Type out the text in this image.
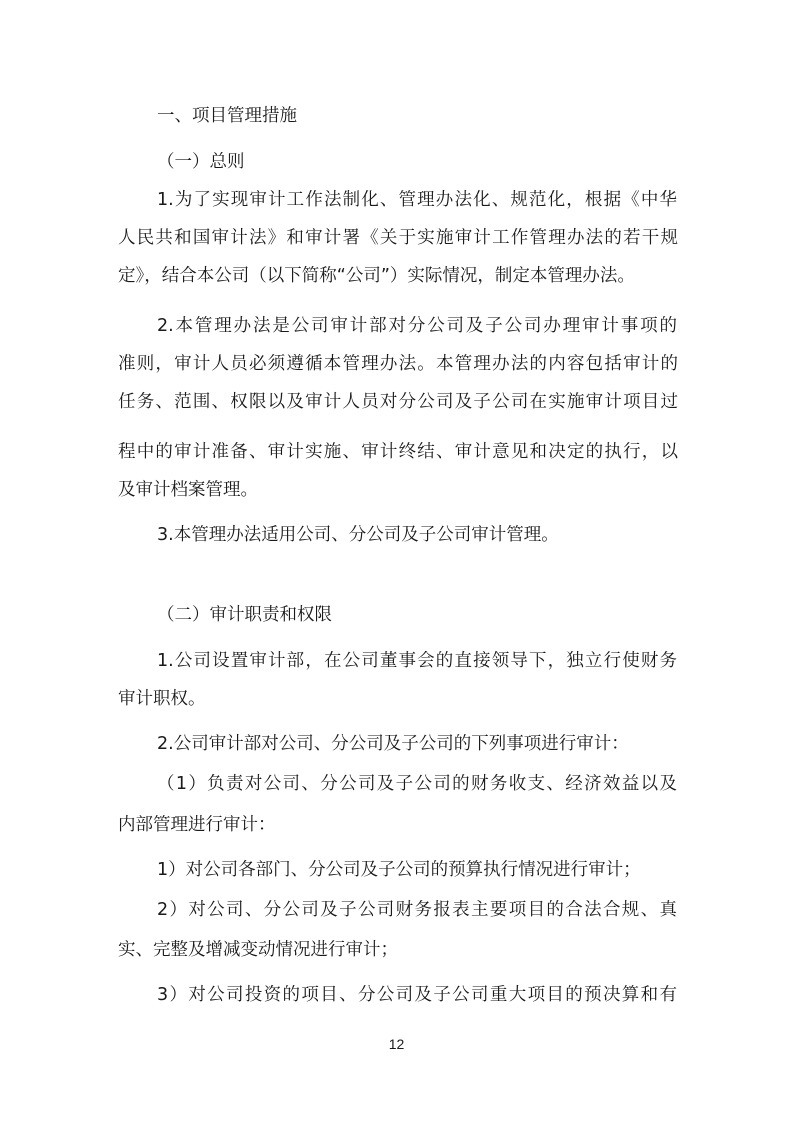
一、项目管理措施
（一）总则
1.为了实现审计工作法制化、管理办法化、规范化，根据《中华
人民共和国审计法》和审计署《关于实施审计工作管理办法的若干规
定》，结合本公司（以下简称“公司”）实际情况，制定本管理办法。
2.本管理办法是公司审计部对分公司及子公司办理审计事项的
准则，审计人员必须遵循本管理办法。本管理办法的内容包括审计的
任务、范围、权限以及审计人员对分公司及子公司在实施审计项目过
程中的审计准备、审计实施、审计终结、审计意见和决定的执行，以
及审计档案管理。
3.本管理办法适用公司、分公司及子公司审计管理。
（二）审计职责和权限
1.公司设置审计部，在公司董事会的直接领导下，独立行使财务
审计职权。
2.公司审计部对公司、分公司及子公司的下列事项进行审计：
（1）负责对公司、分公司及子公司的财务收支、经济效益以及
内部管理进行审计：
1）对公司各部门、分公司及子公司的预算执行情况进行审计；
2）对公司、分公司及子公司财务报表主要项目的合法合规、真
实、完整及增减变动情况进行审计；
3）对公司投资的项目、分公司及子公司重大项目的预决算和有
12
